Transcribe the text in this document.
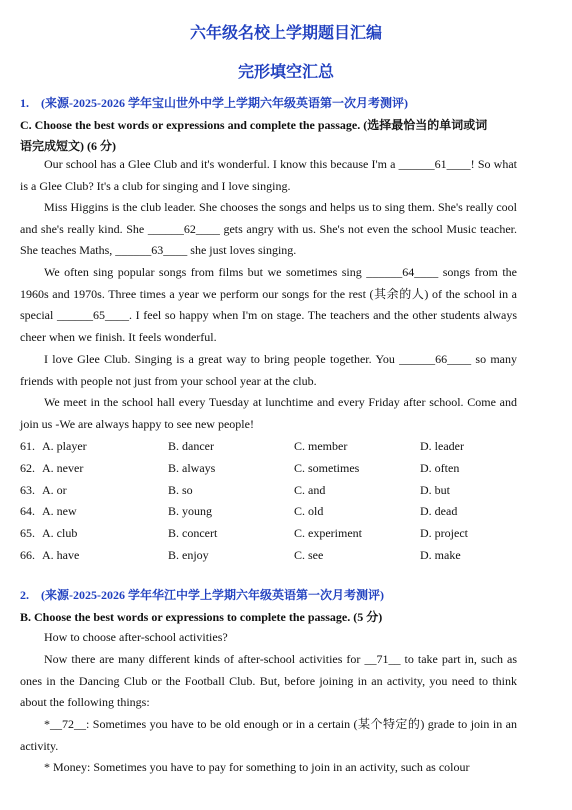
六年级名校上学期题目汇编
完形填空汇总
1.　(来源-2025-2026 学年宝山世外中学上学期六年级英语第一次月考测评)
C. Choose the best words or expressions and complete the passage. (选择最恰当的单词或词
语完成短文) (6 分)

Our school has a Glee Club and it's wonderful. I know this because I'm a ______61____! So what is a Glee Club? It's a club for singing and I love singing.

Miss Higgins is the club leader. She chooses the songs and helps us to sing them. She's really cool and she's really kind. She ______62____ gets angry with us. She's not even the school Music teacher. She teaches Maths, ______63____ she just loves singing.

We often sing popular songs from films but we sometimes sing ______64____ songs from the 1960s and 1970s. Three times a year we perform our songs for the rest (其余的人) of the school in a special ______65____. I feel so happy when I'm on stage. The teachers and the other students always cheer when we finish. It feels wonderful.

I love Glee Club. Singing is a great way to bring people together. You ______66____ so many friends with people not just from your school year at the club.

We meet in the school hall every Tuesday at lunchtime and every Friday after school. Come and join us -We are always happy to see new people!

61. A. player	B. dancer	C. member	D. leader
62. A. never	B. always	C. sometimes	D. often
63. A. or	B. so	C. and	D. but
64. A. new	B. young	C. old	D. dead
65. A. club	B. concert	C. experiment	D. project
66. A. have	B. enjoy	C. see	D. make
2.　(来源-2025-2026 学年华江中学上学期六年级英语第一次月考测评)
B. Choose the best words or expressions to complete the passage. (5 分)

How to choose after-school activities?

Now there are many different kinds of after-school activities for __71__ to take part in, such as ones in the Dancing Club or the Football Club. But, before joining in an activity, you need to think about the following things:

*__72__: Sometimes you have to be old enough or in a certain (某个特定的) grade to join in an activity.

* Money: Sometimes you have to pay for something to join in an activity, such as colour
